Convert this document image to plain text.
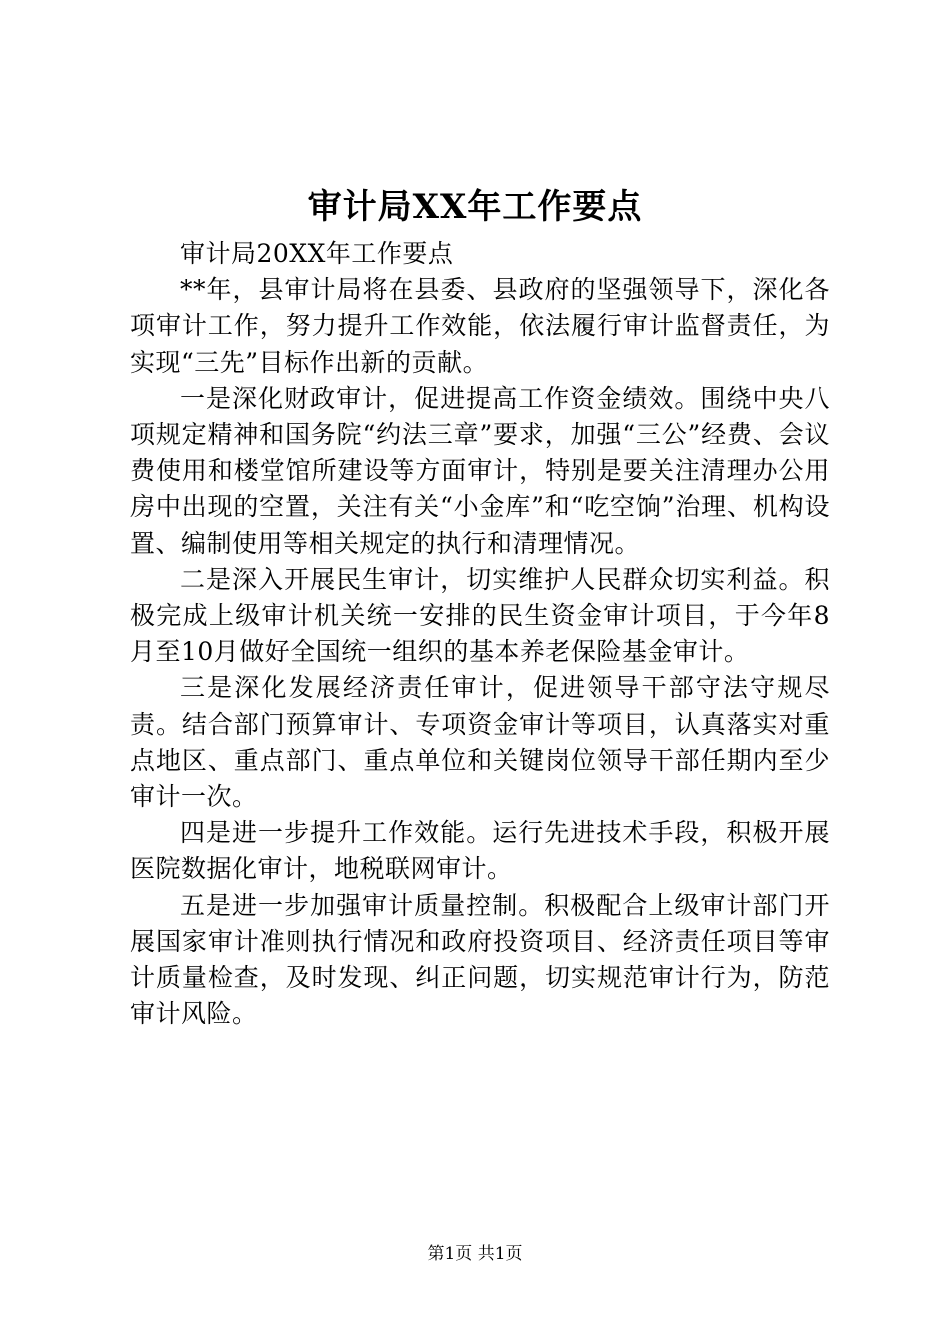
审计局XX年工作要点

审计局20XX年工作要点

**年，县审计局将在县委、县政府的坚强领导下，深化各项审计工作，努力提升工作效能，依法履行审计监督责任，为实现“三先”目标作出新的贡献。

一是深化财政审计，促进提高工作资金绩效。围绕中央八项规定精神和国务院“约法三章”要求，加强“三公”经费、会议费使用和楼堂馆所建设等方面审计，特别是要关注清理办公用房中出现的空置，关注有关“小金库”和“吃空饷”治理、机构设置、编制使用等相关规定的执行和清理情况。

二是深入开展民生审计，切实维护人民群众切实利益。积极完成上级审计机关统一安排的民生资金审计项目，于今年8月至10月做好全国统一组织的基本养老保险基金审计。

三是深化发展经济责任审计，促进领导干部守法守规尽责。结合部门预算审计、专项资金审计等项目，认真落实对重点地区、重点部门、重点单位和关键岗位领导干部任期内至少审计一次。

四是进一步提升工作效能。运行先进技术手段，积极开展医院数据化审计，地税联网审计。

五是进一步加强审计质量控制。积极配合上级审计部门开展国家审计准则执行情况和政府投资项目、经济责任项目等审计质量检查，及时发现、纠正问题，切实规范审计行为，防范审计风险。

第1页 共1页
